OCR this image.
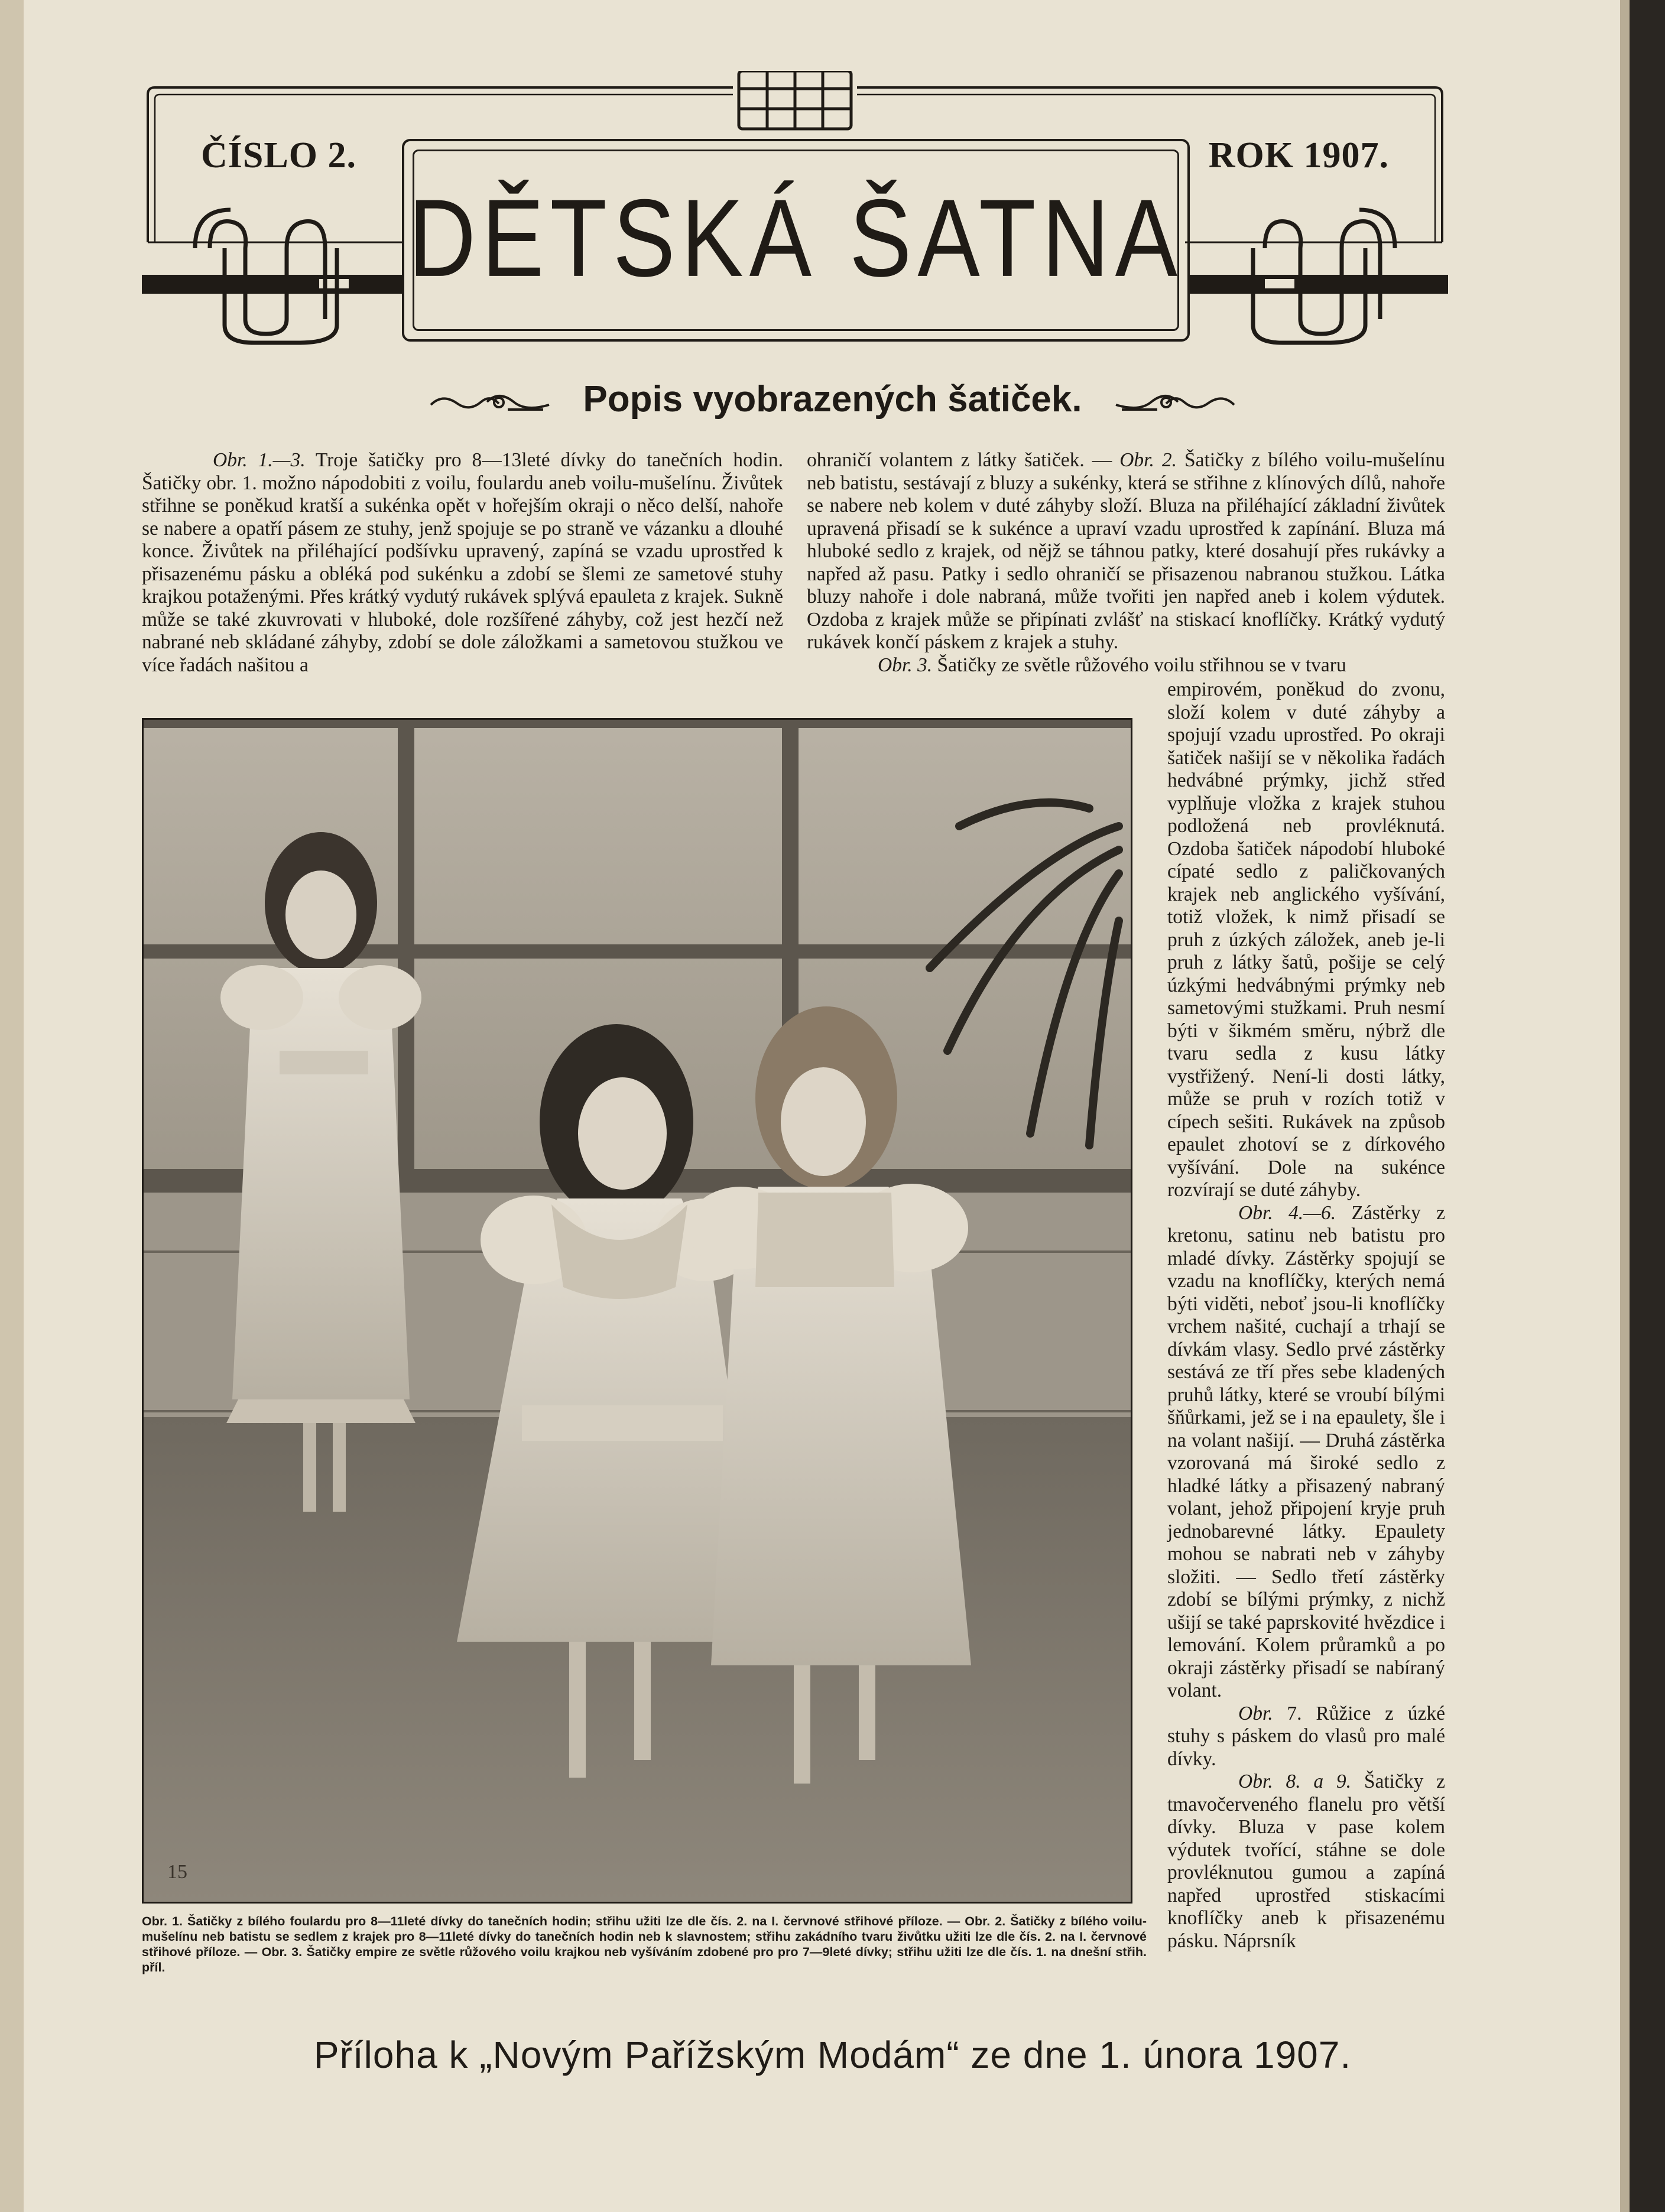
ČÍSLO 2.	ROK 1907.
DĚTSKÁ ŠATNA
Popis vyobrazených šatiček.

Obr. 1.—3. Troje šatičky pro 8—13leté dívky do tanečních hodin. Šatičky obr. 1. možno nápodobiti z voilu, foulardu aneb voilu-mušelínu. Živůtek střihne se poněkud kratší a sukénka opět v hořejším okraji o něco delší, nahoře se nabere a opatří pásem ze stuhy, jenž spojuje se po straně ve vázanku a dlouhé konce. Živůtek na přiléhající podšívku upravený, zapíná se vzadu uprostřed k přisazenému pásku a obléká pod sukénku a zdobí se šlemi ze sametové stuhy krajkou potaženými. Přes krátký vydutý rukávek splývá epauleta z krajek. Sukně může se také zkuvrovati v hluboké, dole rozšířené záhyby, což jest hezčí než nabrané neb skládané záhyby, zdobí se dole záložkami a sametovou stužkou ve více řadách našitou a

ohraničí volantem z látky šatiček. — Obr. 2. Šatičky z bílého voilu-mušelínu neb batistu, sestávají z bluzy a sukénky, která se střihne z klínových dílů, nahoře se nabere neb kolem v duté záhyby složí. Bluza na přiléhající základní živůtek upravená přisadí se k sukénce a upraví vzadu uprostřed k zapínání. Bluza má hluboké sedlo z krajek, od nějž se táhnou patky, které dosahují přes rukávky a napřed až pasu. Patky i sedlo ohraničí se přisazenou nabranou stužkou. Látka bluzy nahoře i dole nabraná, může tvořiti jen napřed aneb i kolem výdutek. Ozdoba z krajek může se připínati zvlášť na stiskací knoflíčky. Krátký vydutý rukávek končí páskem z krajek a stuhy.

Obr. 3. Šatičky ze světle růžového voilu střihnou se v tvaru

empirovém, poněkud do zvonu, složí kolem v duté záhyby a spojují vzadu uprostřed. Po okraji šatiček našijí se v několika řadách hedvábné prýmky, jichž střed vyplňuje vložka z krajek stuhou podložená neb provléknutá. Ozdoba šatiček nápodobí hluboké cípaté sedlo z paličkovaných krajek neb anglického vyšívání, totiž vložek, k nimž přisadí se pruh z úzkých záložek, aneb je-li pruh z látky šatů, pošije se celý úzkými hedvábnými prýmky neb sametovými stužkami. Pruh nesmí býti v šikmém směru, nýbrž dle tvaru sedla z kusu látky vystřižený. Není-li dosti látky, může se pruh v rozích totiž v cípech sešiti. Rukávek na způsob epaulet zhotoví se z dírkového vyšívání. Dole na sukénce rozvírají se duté záhyby.

Obr. 4.—6. Zástěrky z kretonu, satinu neb batistu pro mladé dívky. Zástěrky spojují se vzadu na knoflíčky, kterých nemá býti viděti, neboť jsou-li knoflíčky vrchem našité, cuchají a trhají se dívkám vlasy. Sedlo prvé zástěrky sestává ze tří přes sebe kladených pruhů látky, které se vroubí bílými šňůrkami, jež se i na epaulety, šle i na volant našijí. — Druhá zástěrka vzorovaná má široké sedlo z hladké látky a přisazený nabraný volant, jehož připojení kryje pruh jednobarevné látky. Epaulety mohou se nabrati neb v záhyby složiti. — Sedlo třetí zástěrky zdobí se bílými prýmky, z nichž ušijí se také paprskovité hvězdice i lemování. Kolem průramků a po okraji zástěrky přisadí se nabíraný volant.

Obr. 7. Růžice z úzké stuhy s páskem do vlasů pro malé dívky.

Obr. 8. a 9. Šatičky z tmavočerveného flanelu pro větší dívky. Bluza v pase kolem výdutek tvořící, stáhne se dole provléknutou gumou a zapíná napřed uprostřed stiskacími knoflíčky aneb k přisazenému pásku. Náprsník

15
Obr. 1. Šatičky z bílého foulardu pro 8—11leté dívky do tanečních hodin; střihu užiti lze dle čís. 2. na I. červnové střihové příloze. — Obr. 2. Šatičky z bílého voilu-mušelínu neb batistu se sedlem z krajek pro 8—11leté dívky do tanečních hodin neb k slavnostem; střihu zakádního tvaru živůtku užiti lze dle čís. 2. na I. červnové střihové příloze. — Obr. 3. Šatičky empire ze světle růžového voilu krajkou neb vyšíváním zdobené pro pro 7—9leté dívky; střihu užiti lze dle čís. 1. na dnešní střih. příl.
Příloha k „Novým Pařížským Modám“ ze dne 1. února 1907.
